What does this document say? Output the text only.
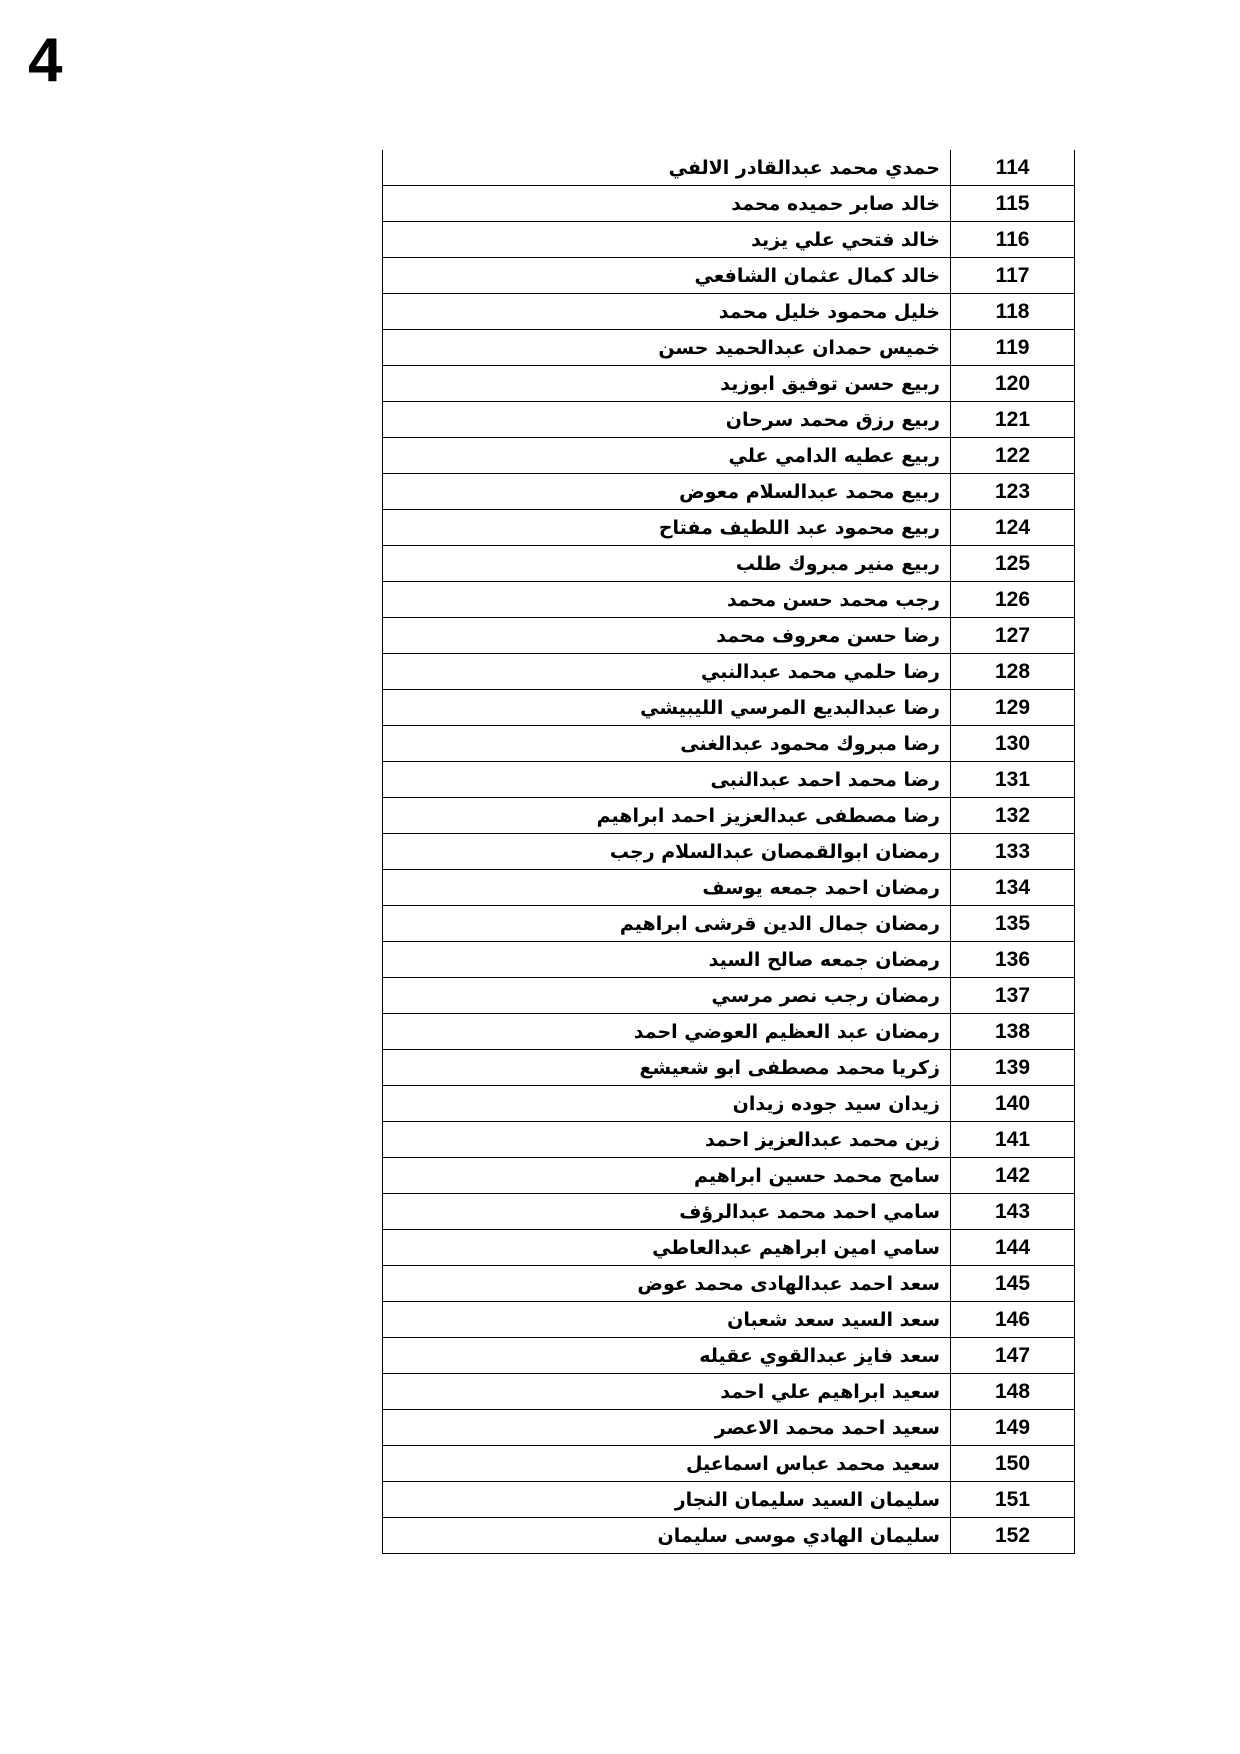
4
حمدي محمد عبدالقادر الالفي	114
خالد صابر حميده محمد	115
خالد فتحي علي يزيد	116
خالد كمال عثمان الشافعي	117
خليل محمود خليل محمد	118
خميس حمدان عبدالحميد حسن	119
ربيع حسن توفيق ابوزيد	120
ربيع رزق محمد سرحان	121
ربيع عطيه الدامي علي	122
ربيع محمد عبدالسلام معوض	123
ربيع محمود عبد اللطيف مفتاح	124
ربيع منير مبروك طلب	125
رجب محمد حسن محمد	126
رضا حسن معروف محمد	127
رضا حلمي محمد عبدالنبي	128
رضا عبدالبديع المرسي الليبيشي	129
رضا مبروك محمود عبدالغنى	130
رضا محمد احمد عبدالنبى	131
رضا مصطفى عبدالعزيز احمد ابراهيم	132
رمضان ابوالقمصان عبدالسلام رجب	133
رمضان احمد جمعه يوسف	134
رمضان جمال الدين قرشى ابراهيم	135
رمضان جمعه صالح السيد	136
رمضان رجب نصر مرسي	137
رمضان عبد العظيم العوضي احمد	138
زكريا محمد مصطفى ابو شعيشع	139
زيدان سيد جوده زيدان	140
زين محمد عبدالعزيز احمد	141
سامح محمد حسين ابراهيم	142
سامي احمد محمد عبدالرؤف	143
سامي امين ابراهيم عبدالعاطي	144
سعد احمد عبدالهادى محمد عوض	145
سعد السيد سعد شعبان	146
سعد فايز عبدالقوي عقيله	147
سعيد ابراهيم علي احمد	148
سعيد احمد محمد الاعصر	149
سعيد محمد عباس اسماعيل	150
سليمان السيد سليمان النجار	151
سليمان الهادي موسى سليمان	152
